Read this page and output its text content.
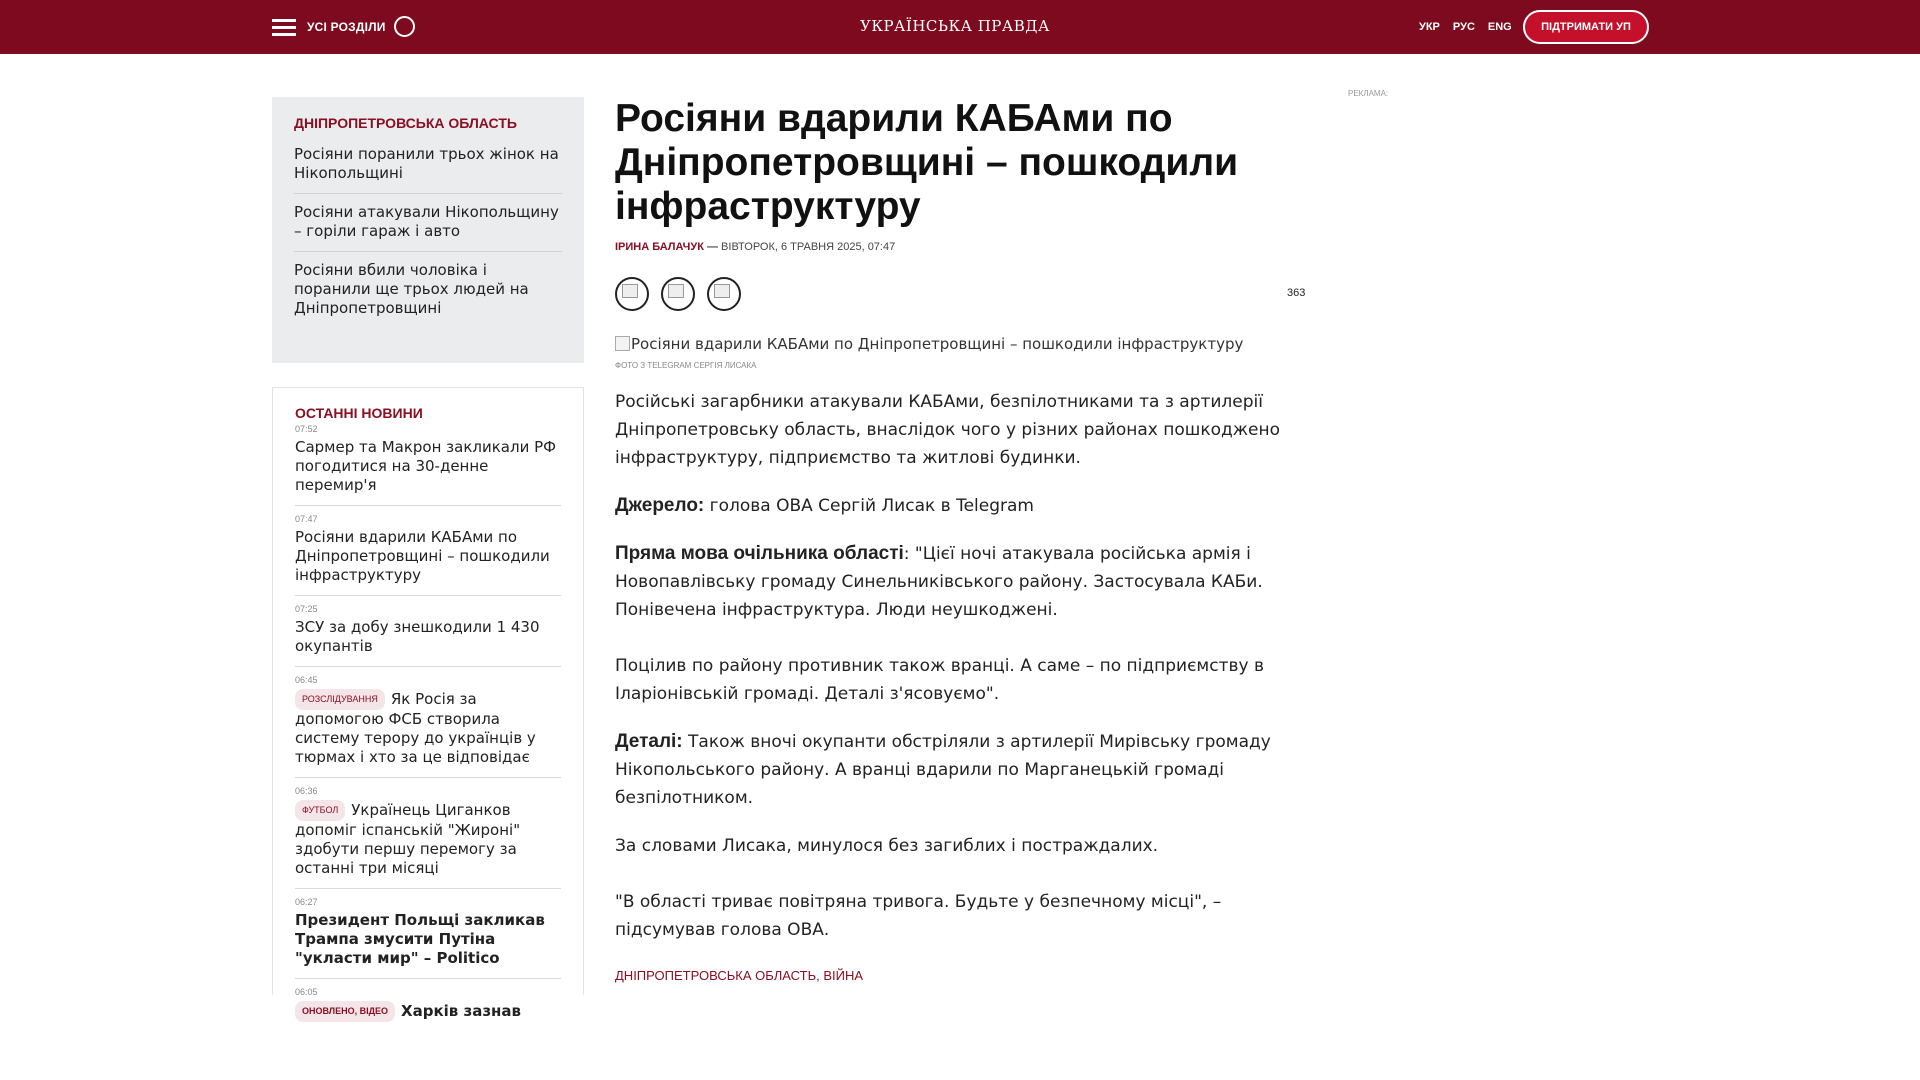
УСІ РОЗДІЛИ	УКРАЇНСЬКА ПРАВДА	УКР РУС ENG	ПІДТРИМАТИ УП
ДНІПРОПЕТРОВСЬКА ОБЛАСТЬ
Росіяни поранили трьох жінок на Нікопольщині
Росіяни атакували Нікопольщину – горіли гараж і авто
Росіяни вбили чоловіка і поранили ще трьох людей на Дніпропетровщині
ОСТАННІ НОВИНИ
07:52
Сармер та Макрон закликали РФ погодитися на 30-денне перемир'я
07:47
Росіяни вдарили КАБАми по Дніпропетровщині – пошкодили інфраструктуру
07:25
ЗСУ за добу знешкодили 1 430 окупантів
06:45
РОЗСЛІДУВАННЯ Як Росія за допомогою ФСБ створила систему терору до українців у тюрмах і хто за це відповідає
06:36
ФУТБОЛ Українець Циганков допоміг іспанській "Жироні" здобути першу перемогу за останні три місяці
06:27
Президент Польщі закликав Трампа змусити Путіна "укласти мир" – Politico
06:05
ОНОВЛЕНО, ВІДЕО Харків зазнав
Росіяни вдарили КАБАми по Дніпропетровщині – пошкодили інфраструктуру
ІРИНА БАЛАЧУК — ВІВТОРОК, 6 ТРАВНЯ 2025, 07:47
363
Росіяни вдарили КАБАми по Дніпропетровщині – пошкодили інфраструктуру
ФОТО З TELEGRAM СЕРГІЯ ЛИСАКА

Російські загарбники атакували КАБАми, безпілотниками та з артилерії Дніпропетровську область, внаслідок чого у різних районах пошкоджено інфраструктуру, підприємство та житлові будинки.

Джерело: голова ОВА Сергій Лисак в Telegram

Пряма мова очільника області: "Цієї ночі атакувала російська армія і Новопавлівську громаду Синельниківського району. Застосувала КАБи. Понівечена інфраструктура. Люди неушкоджені.

Поцілив по району противник також вранці. А саме – по підприємству в Іларіонівській громаді. Деталі з'ясовуємо".

Деталі: Також вночі окупанти обстріляли з артилерії Мирівську громаду Нікопольського району. А вранці вдарили по Марганецькій громаді безпілотником.

За словами Лисака, минулося без загиблих і постраждалих.

"В області триває повітряна тривога. Будьте у безпечному місці", – підсумував голова ОВА.

ДНІПРОПЕТРОВСЬКА ОБЛАСТЬ, ВІЙНА
РЕКЛАМА:
